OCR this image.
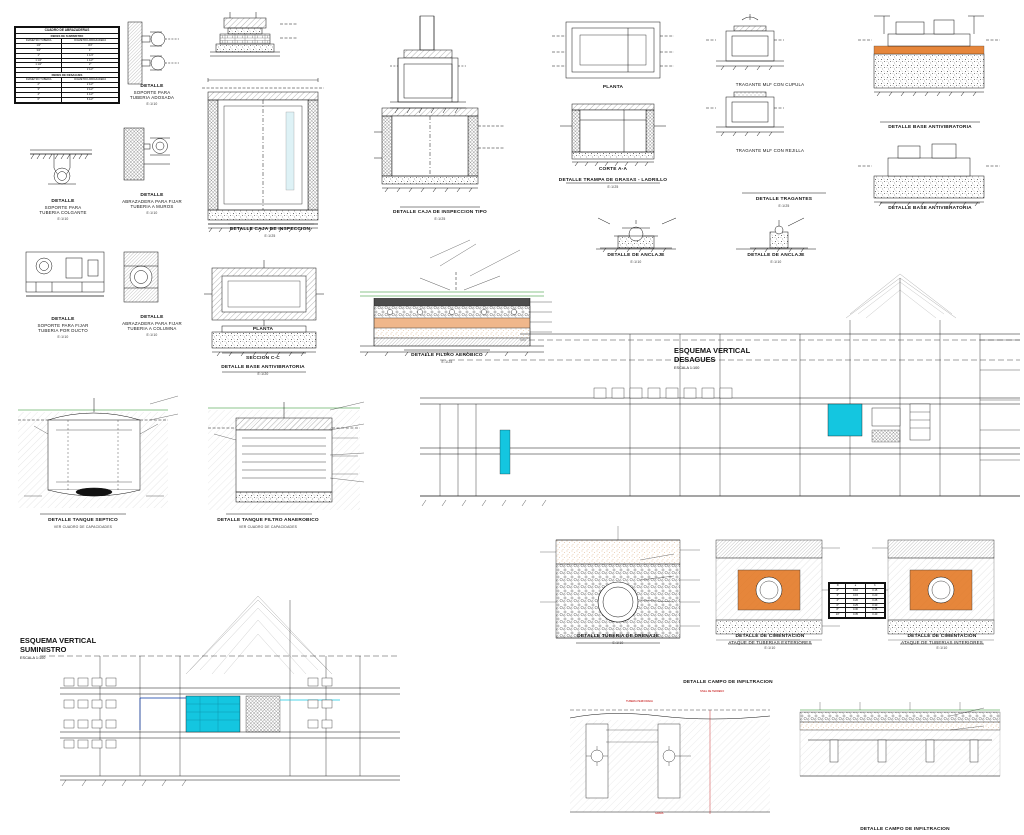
CUADRO DE ABRAZADERAS	
REDES DE SUMINISTRO	
DIAMETRO TUBERIA	DIAMETRO ABRAZADERA
1/2"	3/4"
3/4"	1"
1"	1 1/4"
1 1/4"	1 1/2"
1 1/2"	2"
2"	2 1/2"
REDES DE DESAGUES	
DIAMETRO TUBERIA	DIAMETRO ABRAZADERA
2"	2 1/2"
3"	3 1/2"
4"	4 1/2"
6"	6 1/2"
D	a	b
2"	0.10	0.15
3"	0.15	0.20
4"	0.20	0.25
6"	0.25	0.30
8"	0.30	0.35
10"	0.35	0.40
DETALLE
SOPORTE PARA
TUBERIA ADOSADA
E:1/10
DETALLE
SOPORTE PARA
TUBERIA COLGANTE
E:1/10
DETALLE
ABRAZADERA PARA FIJAR
TUBERIA A MUROS
E:1/10
DETALLE
SOPORTE PARA FIJAR
TUBERIA POR DUCTO
E:1/10
DETALLE
ABRAZADERA PARA FIJAR
TUBERIA A COLUMNA
E:1/10
DETALLE CAJA DE INSPECCION
E:1/25
DETALLE CAJA DE INSPECCION TIPO
E:1/25
DETALLE TRAMPA DE GRASAS - LADRILLO
E:1/25
PLANTA
CORTE A-A
DETALLE TRAGANTES
E:1/25
TRAGANTE MLF CON CUPULA
TRAGANTE MLF CON REJILLA
DETALLE BASE ANTIVIBRATORIA
DETALLE BASE ANTIVIBRATORIA
DETALLE DE ANCLAJE
E:1/10
DETALLE DE ANCLAJE
E:1/10
PLANTA
SECCION C-C
DETALLE BASE ANTIVIBRATORIA
E:1/20
DETALLE FILTRO AEROBICO
E:1/25
DETALLE TANQUE SEPTICO
VER CUADRO DE CAPACIDADES
DETALLE TANQUE FILTRO ANAEROBICO
VER CUADRO DE CAPACIDADES
DETALLE TUBERIA DE DRENAJE
E:1/10
DETALLE DE CIMENTACION
ATAQUE DE TUBERIAS EXTERIORES
E:1/10
DETALLE DE CIMENTACION
ATAQUE DE TUBERIAS INTERIORES
E:1/10
DETALLE CAMPO DE INFILTRACION
DETALLE CAMPO DE INFILTRACION
ESQUEMA VERTICAL
DESAGUES
ESCALA 1:100
ESQUEMA VERTICAL
SUMINISTRO
ESCALA 1:100
TUBERIA PERFORADA
GRAVA
NIVEL DE TERRENO
